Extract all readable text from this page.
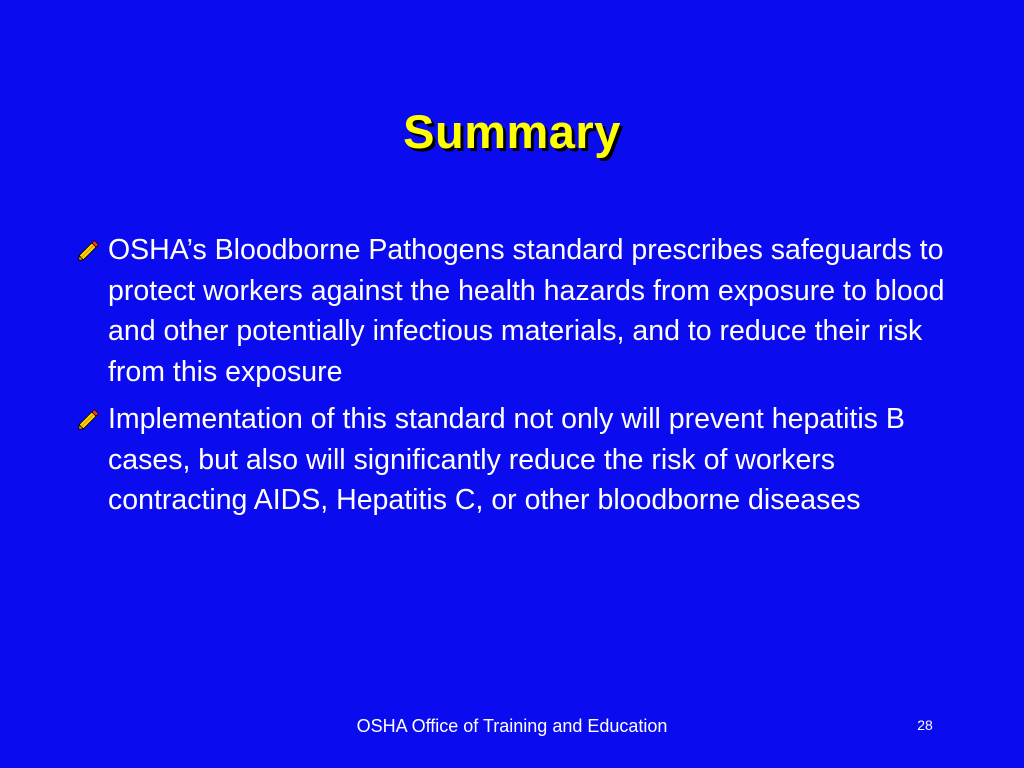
Summary
OSHA’s Bloodborne Pathogens standard prescribes safeguards to protect workers against the health hazards from exposure to blood and other potentially infectious materials, and to reduce their risk from this exposure
Implementation of this standard not only will prevent hepatitis B cases, but also will significantly reduce the risk of workers contracting AIDS, Hepatitis C, or other bloodborne diseases
OSHA Office of Training and Education	28
